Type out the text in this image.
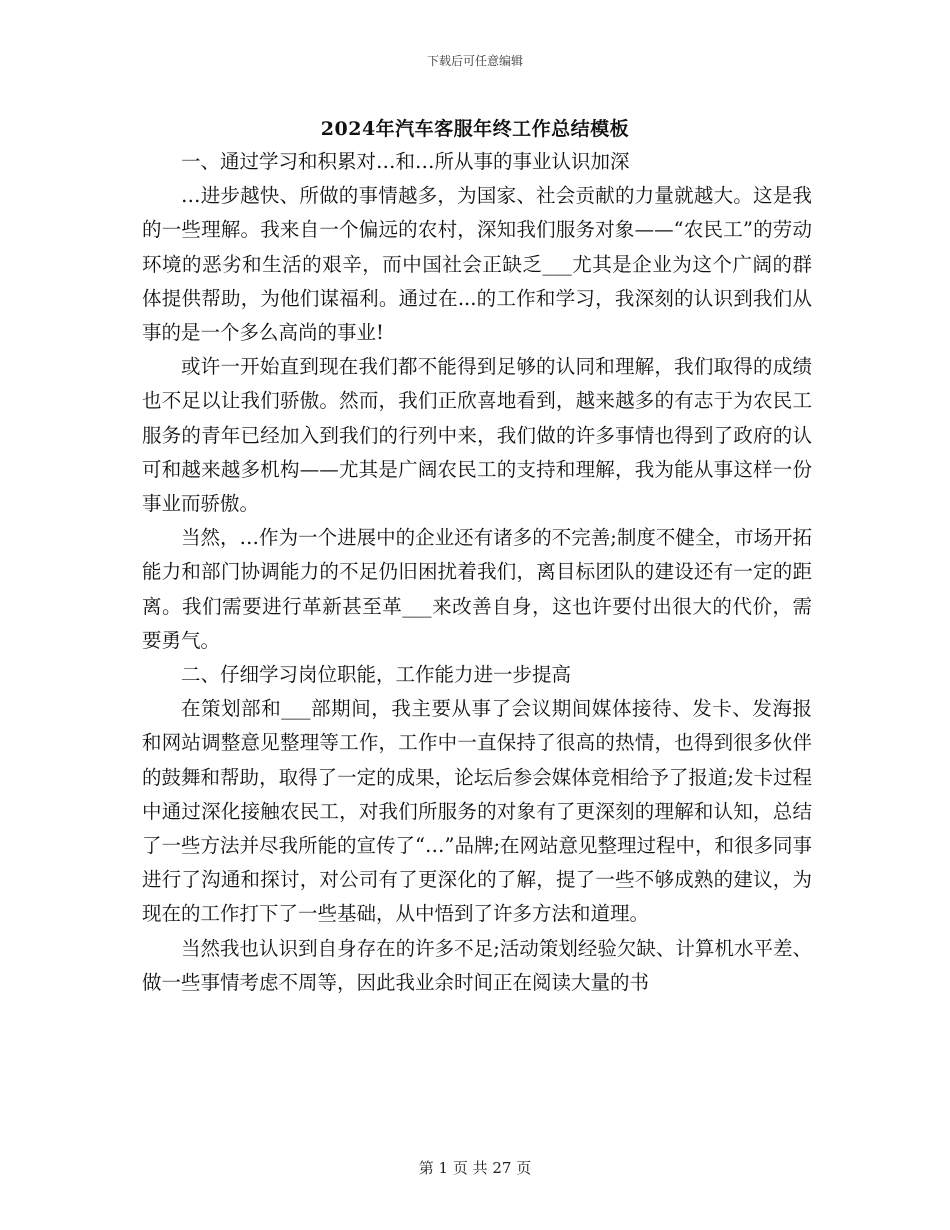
下载后可任意编辑
2024年汽车客服年终工作总结模板

一、通过学习和积累对…和…所从事的事业认识加深

…进步越快、所做的事情越多，为国家、社会贡献的力量就越大。这是我的一些理解。我来自一个偏远的农村，深知我们服务对象——“农民工”的劳动环境的恶劣和生活的艰辛，而中国社会正缺乏___尤其是企业为这个广阔的群体提供帮助，为他们谋福利。通过在...的工作和学习，我深刻的认识到我们从事的是一个多么高尚的事业!

或许一开始直到现在我们都不能得到足够的认同和理解，我们取得的成绩也不足以让我们骄傲。然而，我们正欣喜地看到，越来越多的有志于为农民工服务的青年已经加入到我们的行列中来，我们做的许多事情也得到了政府的认可和越来越多机构——尤其是广阔农民工的支持和理解，我为能从事这样一份事业而骄傲。

当然，…作为一个进展中的企业还有诸多的不完善;制度不健全，市场开拓能力和部门协调能力的不足仍旧困扰着我们，离目标团队的建设还有一定的距离。我们需要进行革新甚至革___来改善自身，这也许要付出很大的代价，需要勇气。

二、仔细学习岗位职能，工作能力进一步提高

在策划部和___部期间，我主要从事了会议期间媒体接待、发卡、发海报和网站调整意见整理等工作，工作中一直保持了很高的热情，也得到很多伙伴的鼓舞和帮助，取得了一定的成果，论坛后参会媒体竞相给予了报道;发卡过程中通过深化接触农民工，对我们所服务的对象有了更深刻的理解和认知，总结了一些方法并尽我所能的宣传了“…”品牌;在网站意见整理过程中，和很多同事进行了沟通和探讨，对公司有了更深化的了解，提了一些不够成熟的建议，为现在的工作打下了一些基础，从中悟到了许多方法和道理。

当然我也认识到自身存在的许多不足;活动策划经验欠缺、计算机水平差、做一些事情考虑不周等，因此我业余时间正在阅读大量的书

第 1 页 共 27 页
